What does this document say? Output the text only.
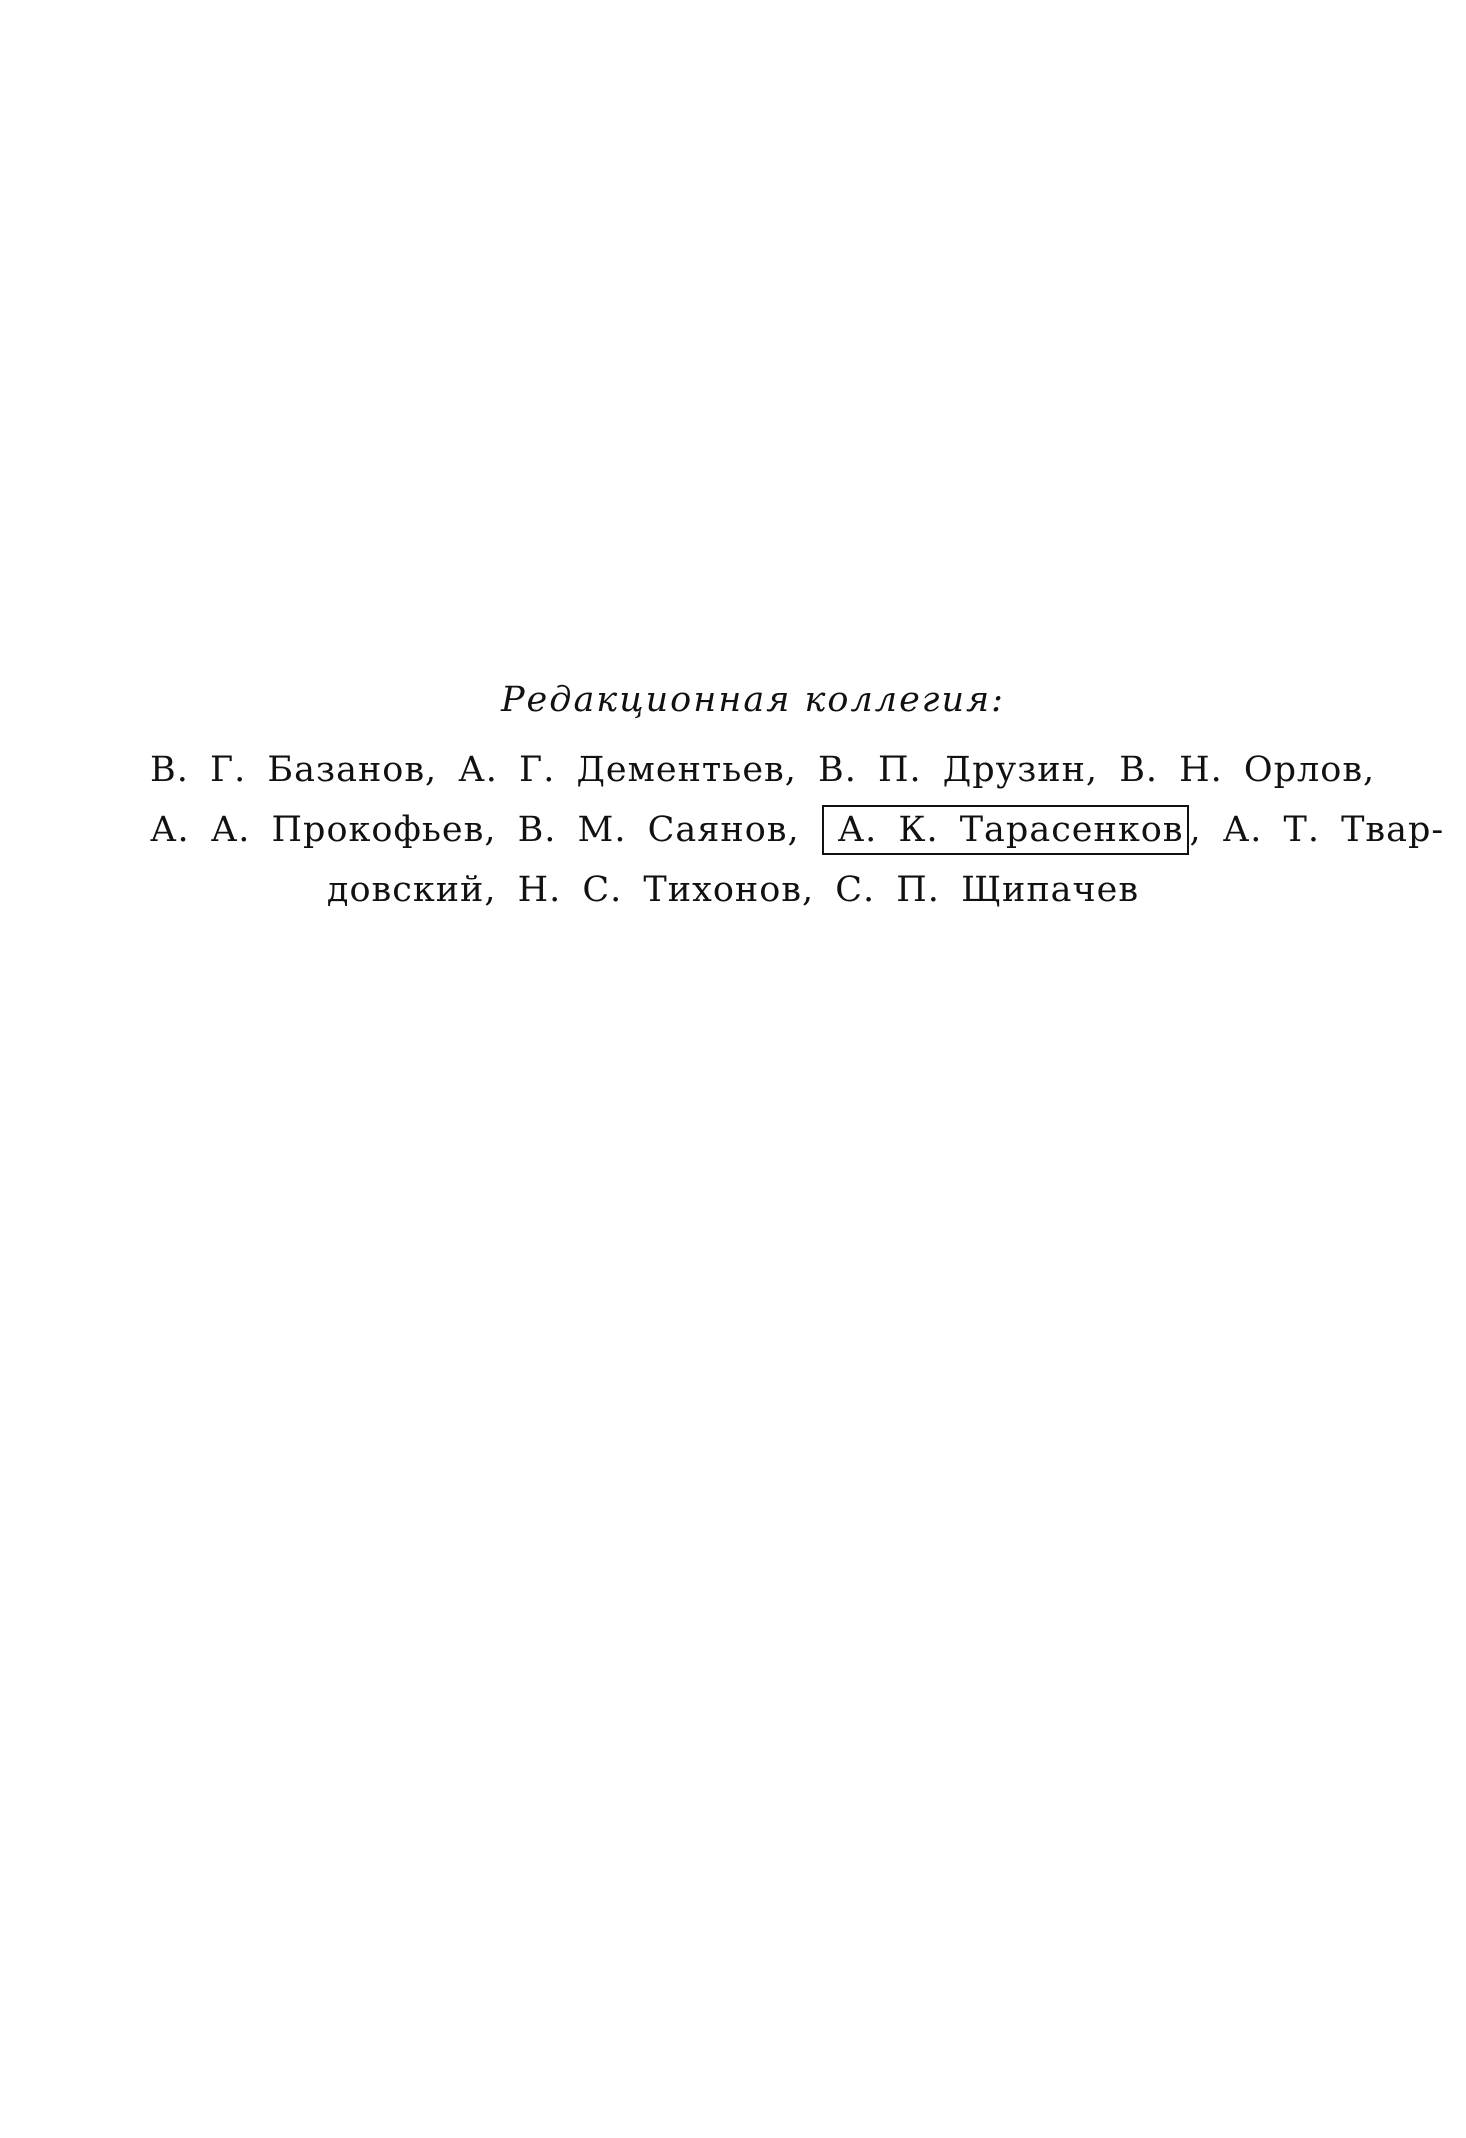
Редакционная коллегия:
В. Г. Базанов, А. Г. Дементьев, В. П. Друзин, В. Н. Орлов,
А. А. Прокофьев, В. М. Саянов, А. К. Тарасенков , А. Т. Твар-
довский, Н. С. Тихонов, С. П. Щипачев
